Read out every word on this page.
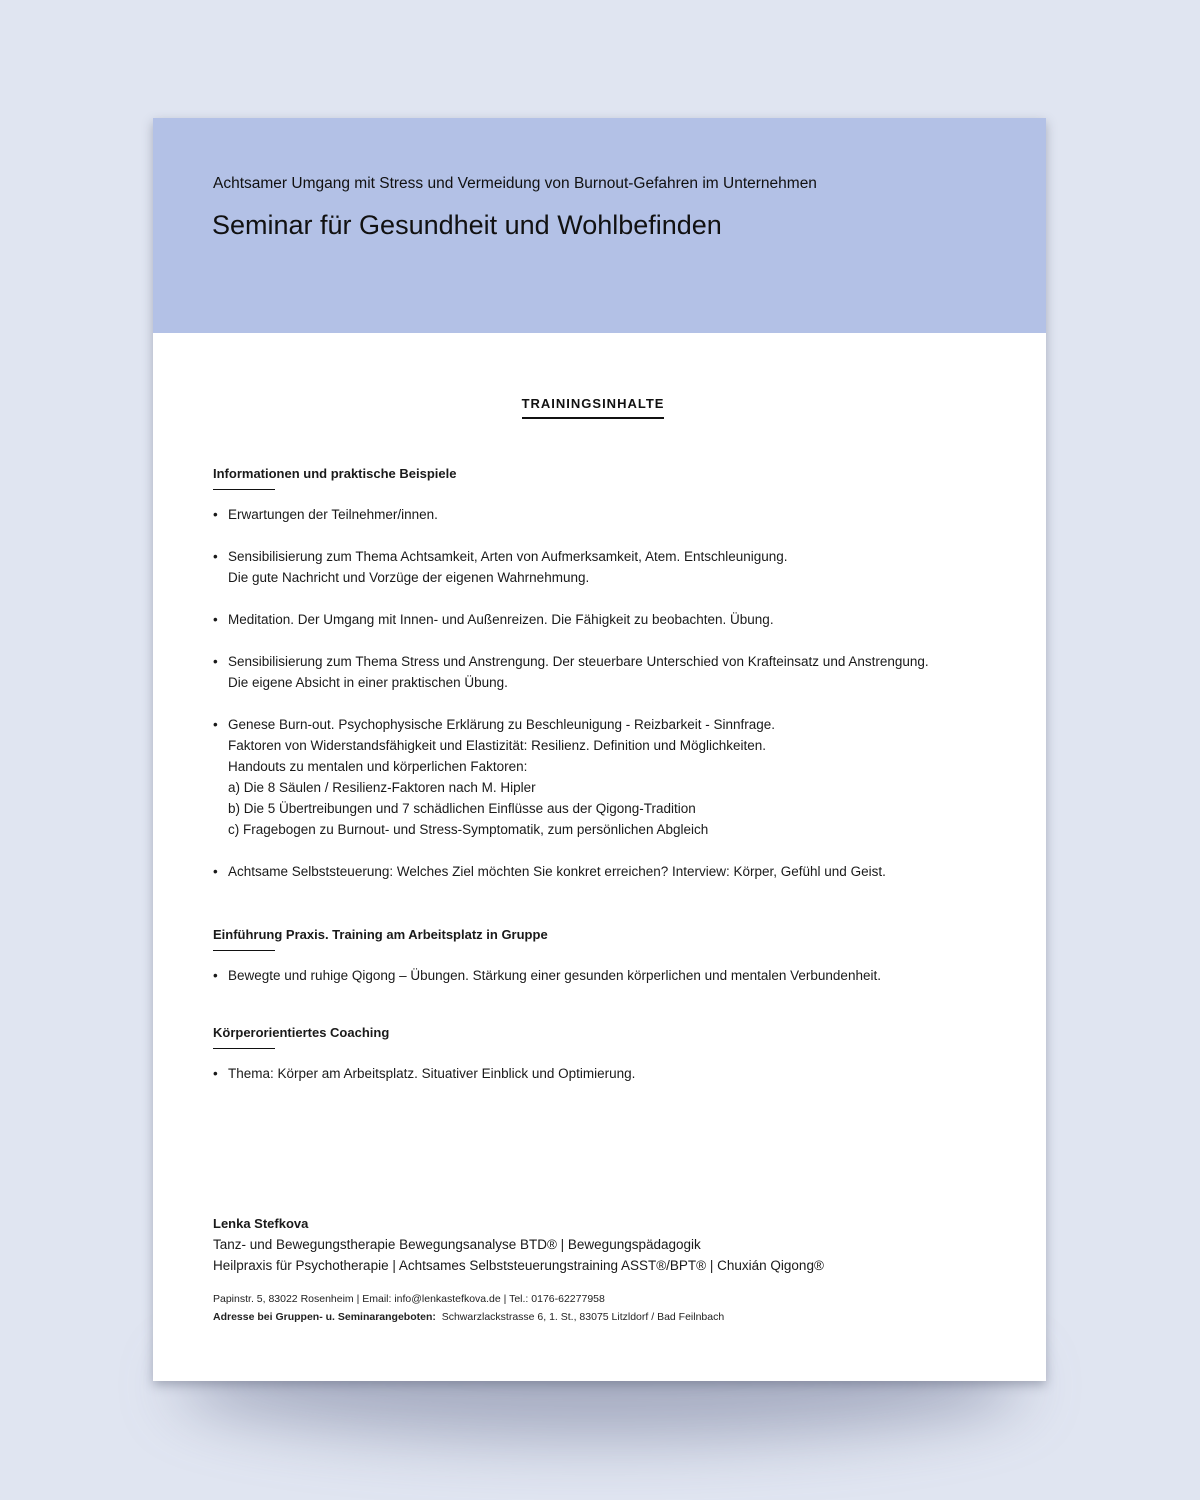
Achtsamer Umgang mit Stress und Vermeidung von Burnout-Gefahren im Unternehmen
Seminar für Gesundheit und Wohlbefinden
TRAININGSINHALTE
Informationen und praktische Beispiele
• Erwartungen der Teilnehmer/innen.
• Sensibilisierung zum Thema Achtsamkeit, Arten von Aufmerksamkeit, Atem. Entschleunigung.
Die gute Nachricht und Vorzüge der eigenen Wahrnehmung.
• Meditation. Der Umgang mit Innen- und Außenreizen. Die Fähigkeit zu beobachten. Übung.
• Sensibilisierung zum Thema Stress und Anstrengung. Der steuerbare Unterschied von Krafteinsatz und Anstrengung.
Die eigene Absicht in einer praktischen Übung.
• Genese Burn-out. Psychophysische Erklärung zu Beschleunigung - Reizbarkeit - Sinnfrage.
Faktoren von Widerstandsfähigkeit und Elastizität: Resilienz. Definition und Möglichkeiten.
Handouts zu mentalen und körperlichen Faktoren:
a) Die 8 Säulen / Resilienz-Faktoren nach M. Hipler
b) Die 5 Übertreibungen und 7 schädlichen Einflüsse aus der Qigong-Tradition
c) Fragebogen zu Burnout- und Stress-Symptomatik, zum persönlichen Abgleich
• Achtsame Selbststeuerung: Welches Ziel möchten Sie konkret erreichen? Interview: Körper, Gefühl und Geist.
Einführung Praxis. Training am Arbeitsplatz in Gruppe
• Bewegte und ruhige Qigong – Übungen. Stärkung einer gesunden körperlichen und mentalen Verbundenheit.
Körperorientiertes Coaching
• Thema: Körper am Arbeitsplatz. Situativer Einblick und Optimierung.
Lenka Stefkova
Tanz- und Bewegungstherapie Bewegungsanalyse BTD® | Bewegungspädagogik
Heilpraxis für Psychotherapie | Achtsames Selbststeuerungstraining ASST®/BPT® | Chuxián Qigong®
Papinstr. 5, 83022 Rosenheim | Email: info@lenkastefkova.de | Tel.: 0176-62277958
Adresse bei Gruppen- u. Seminarangeboten: Schwarzlackstrasse 6, 1. St., 83075 Litzldorf / Bad Feilnbach
